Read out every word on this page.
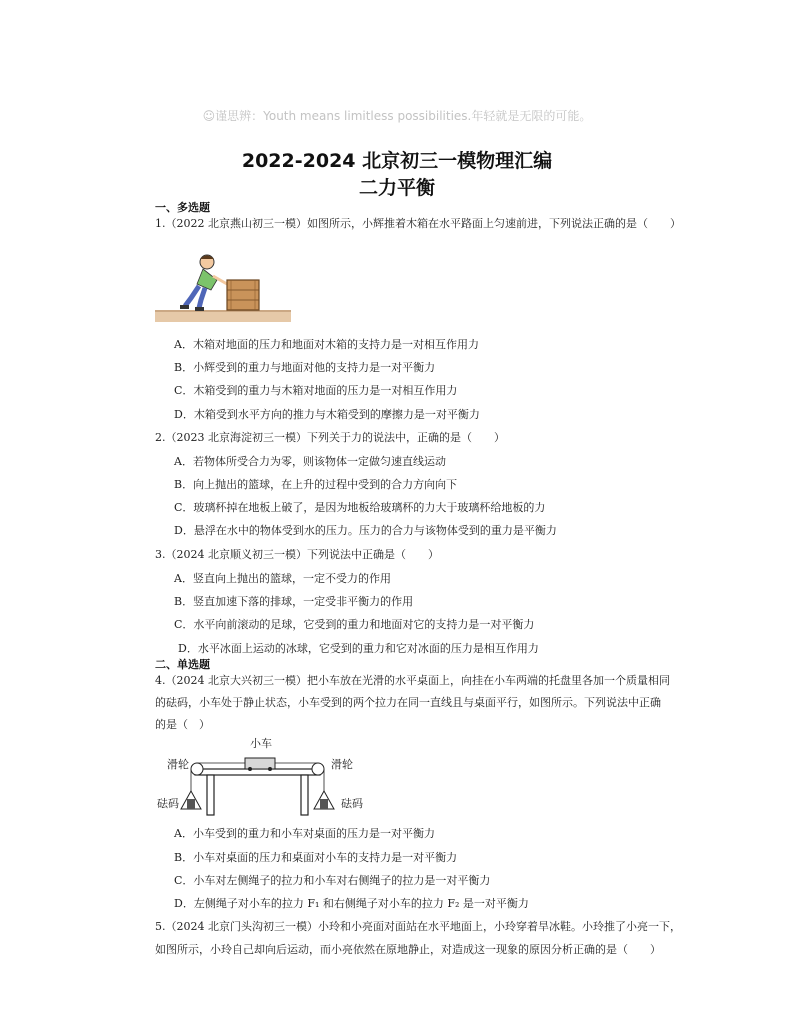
☺谨思辨：Youth means limitless possibilities.年轻就是无限的可能。
2022-2024 北京初三一模物理汇编
二力平衡
一、多选题
1.（2022 北京燕山初三一模）如图所示，小辉推着木箱在水平路面上匀速前进，下列说法正确的是（　　）
A．木箱对地面的压力和地面对木箱的支持力是一对相互作用力
B．小辉受到的重力与地面对他的支持力是一对平衡力
C．木箱受到的重力与木箱对地面的压力是一对相互作用力
D．木箱受到水平方向的推力与木箱受到的摩擦力是一对平衡力
2.（2023 北京海淀初三一模）下列关于力的说法中，正确的是（　　）
A．若物体所受合力为零，则该物体一定做匀速直线运动
B．向上抛出的篮球，在上升的过程中受到的合力方向向下
C．玻璃杯掉在地板上破了，是因为地板给玻璃杯的力大于玻璃杯给地板的力
D．悬浮在水中的物体受到水的压力。压力的合力与该物体受到的重力是平衡力
3.（2024 北京顺义初三一模）下列说法中正确是（　　）
A．竖直向上抛出的篮球，一定不受力的作用
B．竖直加速下落的排球，一定受非平衡力的作用
C．水平向前滚动的足球，它受到的重力和地面对它的支持力是一对平衡力
D．水平冰面上运动的冰球，它受到的重力和它对冰面的压力是相互作用力
二、单选题
4.（2024 北京大兴初三一模）把小车放在光滑的水平桌面上，向挂在小车两端的托盘里各加一个质量相同
的砝码，小车处于静止状态，小车受到的两个拉力在同一直线且与桌面平行，如图所示。下列说法中正确
的是（　）
小车
滑轮	滑轮
砝码	砝码
A．小车受到的重力和小车对桌面的压力是一对平衡力
B．小车对桌面的压力和桌面对小车的支持力是一对平衡力
C．小车对左侧绳子的拉力和小车对右侧绳子的拉力是一对平衡力
D．左侧绳子对小车的拉力 F₁ 和右侧绳子对小车的拉力 F₂ 是一对平衡力
5.（2024 北京门头沟初三一模）小玲和小亮面对面站在水平地面上，小玲穿着旱冰鞋。小玲推了小亮一下，
如图所示，小玲自己却向后运动，而小亮依然在原地静止，对造成这一现象的原因分析正确的是（　　）
